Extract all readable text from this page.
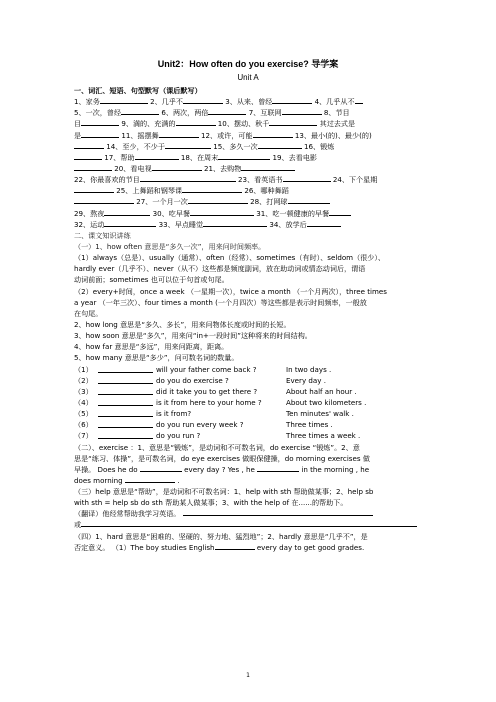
Unit2：How often do you exercise? 导学案
Unit A
一、词汇、短语、句型默写（课后默写）
1、家务	2、几乎不	3、从来、曾经	4、几乎从不
5、一次，曾经	6、两次，两倍	7、互联网	8、节目
目	9、満的、充满的	10、摆动、秋千	其过去式是
是	11、摇摆舞	12、或许，可能	13、最小(的)、最少(的)
14、至少，不少于	15、多久一次	16、锻炼
17、帮助	18、在周末	19、去看电影
20、看电视	21、去购物
22、你最喜欢的节目	23、看英语书	24、下个星期
25、上舞蹈和钢琴课	26、哪种舞蹈
27、一个月一次	28、打网球
29、熬夜	30、吃早餐	31、吃一顿健康的早餐
32、运动	33、早点睡觉	34、放学后
二、课文知识讲练
（一）1、how often 意思是“多久一次”，用来问时间频率。
（1）always（总是）、usually（通常）、often（经常）、sometimes（有时）、seldom（很少）、
hardly ever（几乎不）、never（从不）这些都是频度副词，放在助动词或情态动词后，谓语
动词前面；sometimes 也可以位于句首或句尾。
（2）every+时间，once a week （一星期一次），twice a month （一个月两次），three times
a year （一年三次）、four times a month (一个月四次）等这些都是表示时间频率，一般放
在句尾。
2、how long 意思是“多久、多长”，用来问物体长度或时间的长短。
3、how soon 意思是“多久”，用来问“in+一段时间”这种将来的时间结构。
4、how far 意思是“多远”，用来问距离，距离。
5、how many 意思是“多少”，问可数名词的数量。
（1）	will your father come back ?	In two days .
（2）	do you do exercise ?	Every day .
（3）	did it take you to get there ?	About half an hour .
（4）	is it from here to your home ?	About two kilometers .
（5）	is it from?	Ten minutes' walk .
（6）	do you run every week ?	Three times .
（7）	do you run ?	Three times a week .
（二）、exercise ：1、意思是“锻炼”，是动词和不可数名词，do exercise “锻炼”。2、意
思是“练习、体操”，是可数名词，do eye exercises 做眼保健操，do morning exercises 做
早操。 Does he do	every day ? Yes , he	in the morning , he
does morning	.
（三）help 意思是“帮助”，是动词和不可数名词：1、help with sth 帮助做某事；2、help sb
with sth = help sb do sth 帮助某人做某事；3、with the help of 在......的帮助下。
（翻译）他经常帮助我学习英语。
或
（四）1、hard 意思是“困难的、坚硬的、努力地、猛烈地”；2、hardly 意思是“几乎不”，是
否定意义。 （1）The boy studies English	every day to get good grades.
1
